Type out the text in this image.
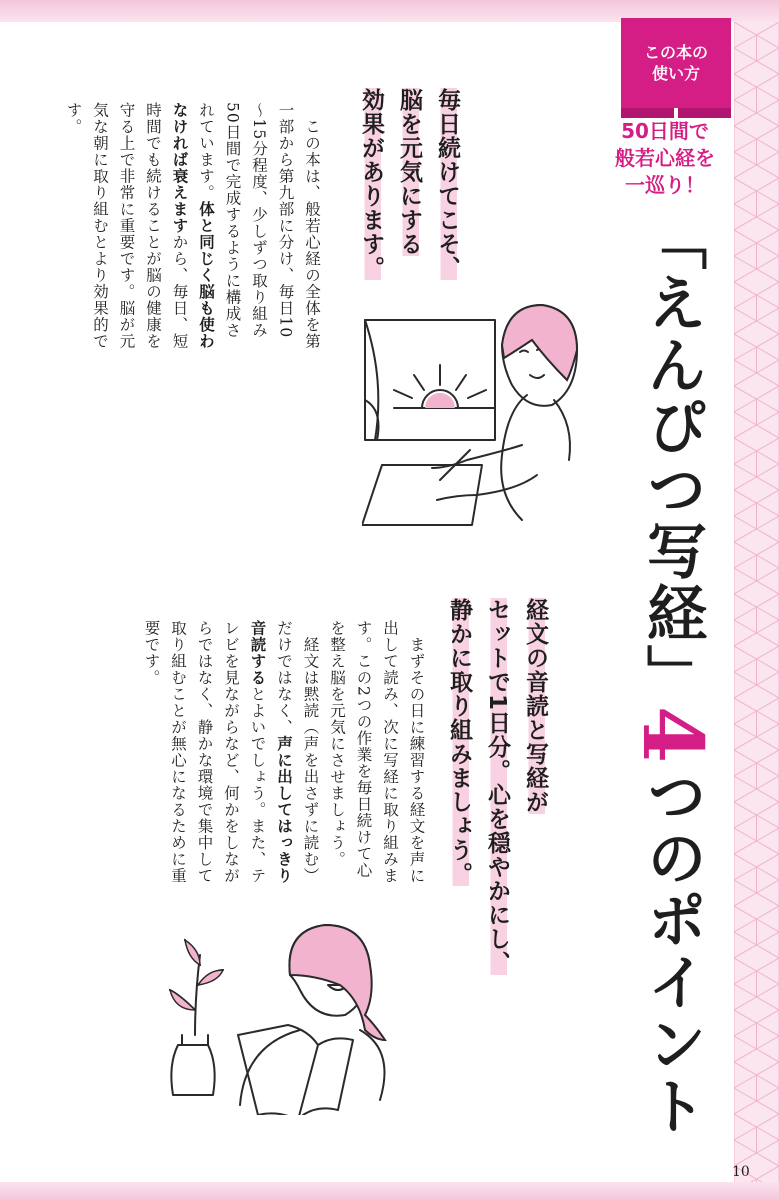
この本の
使い方

50日間で
般若心経を
一巡り！

「えんぴつ写経」4つのポイント
毎日続けてこそ、
脳を元気にする
効果があります。

　この本は、般若心経の全体を第一部から第九部に分け、毎日10～15分程度、少しずつ取り組み50日間で完成するように構成されています。体と同じく脳も使わなければ衰えますから、毎日、短時間でも続けることが脳の健康を守る上で非常に重要です。脳が元気な朝に取り組むとより効果的です。

経文の音読と写経が
セットで1日分。心を穏やかにし、
静かに取り組みましょう。

　まずその日に練習する経文を声に出して読み、次に写経に取り組みます。この2つの作業を毎日続けて心を整え脳を元気にさせましょう。
　経文は黙読（声を出さずに読む）だけではなく、声に出してはっきり音読するとよいでしょう。また、テレビを見ながらなど、何かをしながらではなく、静かな環境で集中して取り組むことが無心になるために重要です。

10
